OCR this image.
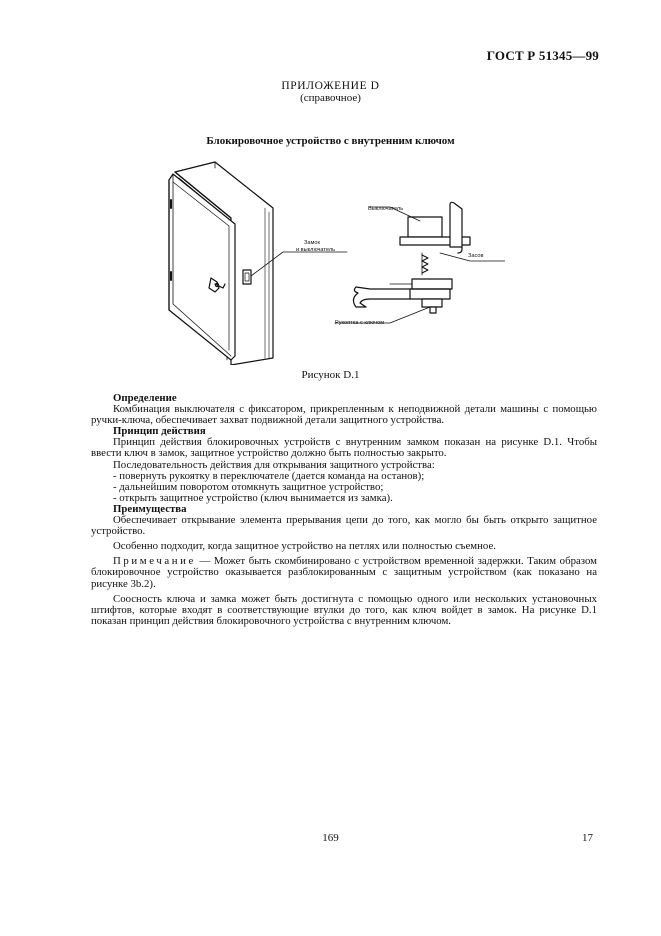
ГОСТ Р 51345—99
ПРИЛОЖЕНИЕ D
(справочное)
Блокировочное устройство с внутренним ключом
Замок
и выключатель
Выключатель
Засов
Рукоятка с ключом
Рисунок D.1

Определение

Комбинация выключателя с фиксатором, прикрепленным к неподвижной детали машины с помощью ручки-ключа, обеспечивает захват подвижной детали защитного устройства.

Принцип действия

Принцип действия блокировочных устройств с внутренним замком показан на рисунке D.1. Чтобы ввести ключ в замок, защитное устройство должно быть полностью закрыто.

Последовательность действия для открывания защитного устройства:

- повернуть рукоятку в переключателе (дается команда на останов);

- дальнейшим поворотом отомкнуть защитное устройство;

- открыть защитное устройство (ключ вынимается из замка).

Преимущества

Обеспечивает открывание элемента прерывания цепи до того, как могло бы быть открыто защитное устройство.

Особенно подходит, когда защитное устройство на петлях или полностью съемное.

Примечание — Может быть скомбинировано с устройством временной задержки. Таким образом блокировочное устройство оказывается разблокированным с защитным устройством (как показано на рисунке 3b.2).

Соосность ключа и замка может быть достигнута с помощью одного или нескольких установочных штифтов, которые входят в соответствующие втулки до того, как ключ войдет в замок. На рисунке D.1 показан принцип действия блокировочного устройства с внутренним ключом.

169	17
